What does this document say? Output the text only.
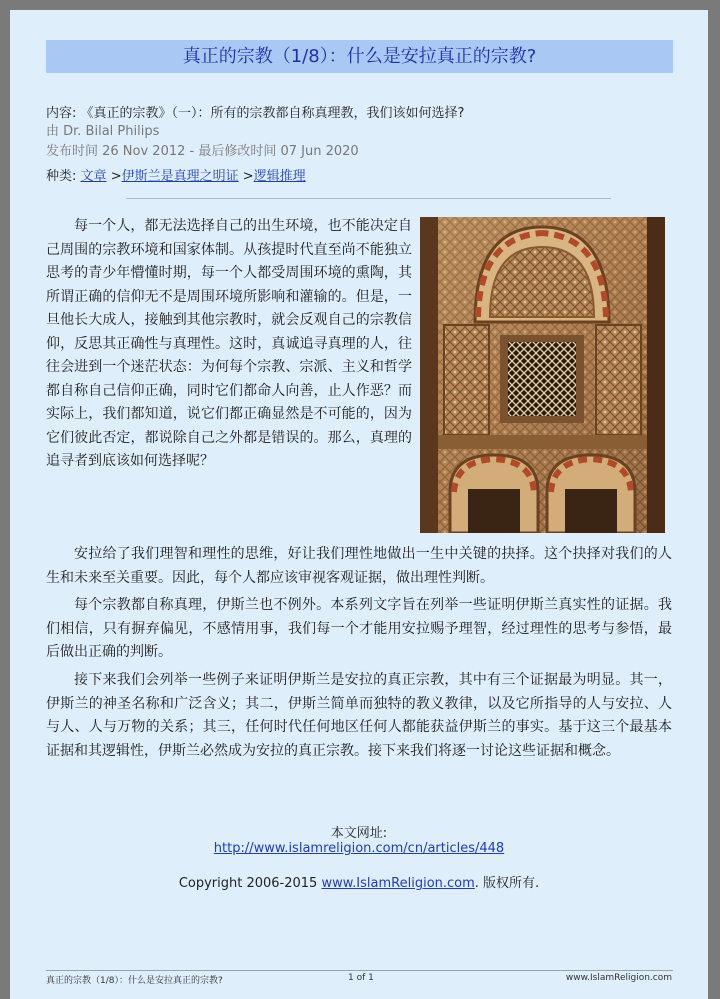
真正的宗教（1/8）：什么是安拉真正的宗教?
内容: 《真正的宗教》（一）：所有的宗教都自称真理教，我们该如何选择?
由 Dr. Bilal Philips
发布时间 26 Nov 2012 - 最后修改时间 07 Jun 2020
种类: 文章 >伊斯兰是真理之明证 >逻辑推理

每一个人，都无法选择自己的出生环境，也不能决定自己周围的宗教环境和国家体制。从孩提时代直至尚不能独立思考的青少年懵懂时期，每一个人都受周围环境的熏陶，其所谓正确的信仰无不是周围环境所影响和灌输的。但是，一旦他长大成人，接触到其他宗教时，就会反观自己的宗教信仰，反思其正确性与真理性。这时，真诚追寻真理的人，往往会进到一个迷茫状态：为何每个宗教、宗派、主义和哲学都自称自己信仰正确，同时它们都命人向善，止人作恶？而实际上，我们都知道，说它们都正确显然是不可能的，因为它们彼此否定，都说除自己之外都是错误的。那么，真理的追寻者到底该如何选择呢？

安拉给了我们理智和理性的思维，好让我们理性地做出一生中关键的抉择。这个抉择对我们的人生和未来至关重要。因此，每个人都应该审视客观证据，做出理性判断。

每个宗教都自称真理，伊斯兰也不例外。本系列文字旨在列举一些证明伊斯兰真实性的证据。我们相信，只有摒弃偏见，不感情用事，我们每一个才能用安拉赐予理智，经过理性的思考与参悟，最后做出正确的判断。

接下来我们会列举一些例子来证明伊斯兰是安拉的真正宗教，其中有三个证据最为明显。其一，伊斯兰的神圣名称和广泛含义；其二，伊斯兰简单而独特的教义教律，以及它所指导的人与安拉、人与人、人与万物的关系；其三，任何时代任何地区任何人都能获益伊斯兰的事实。基于这三个最基本证据和其逻辑性，伊斯兰必然成为安拉的真正宗教。接下来我们将逐一讨论这些证据和概念。

本文网址:
http://www.islamreligion.com/cn/articles/448
Copyright 2006-2015 www.IslamReligion.com. 版权所有.
真正的宗教（1/8）：什么是安拉真正的宗教?	1 of 1	www.IslamReligion.com
